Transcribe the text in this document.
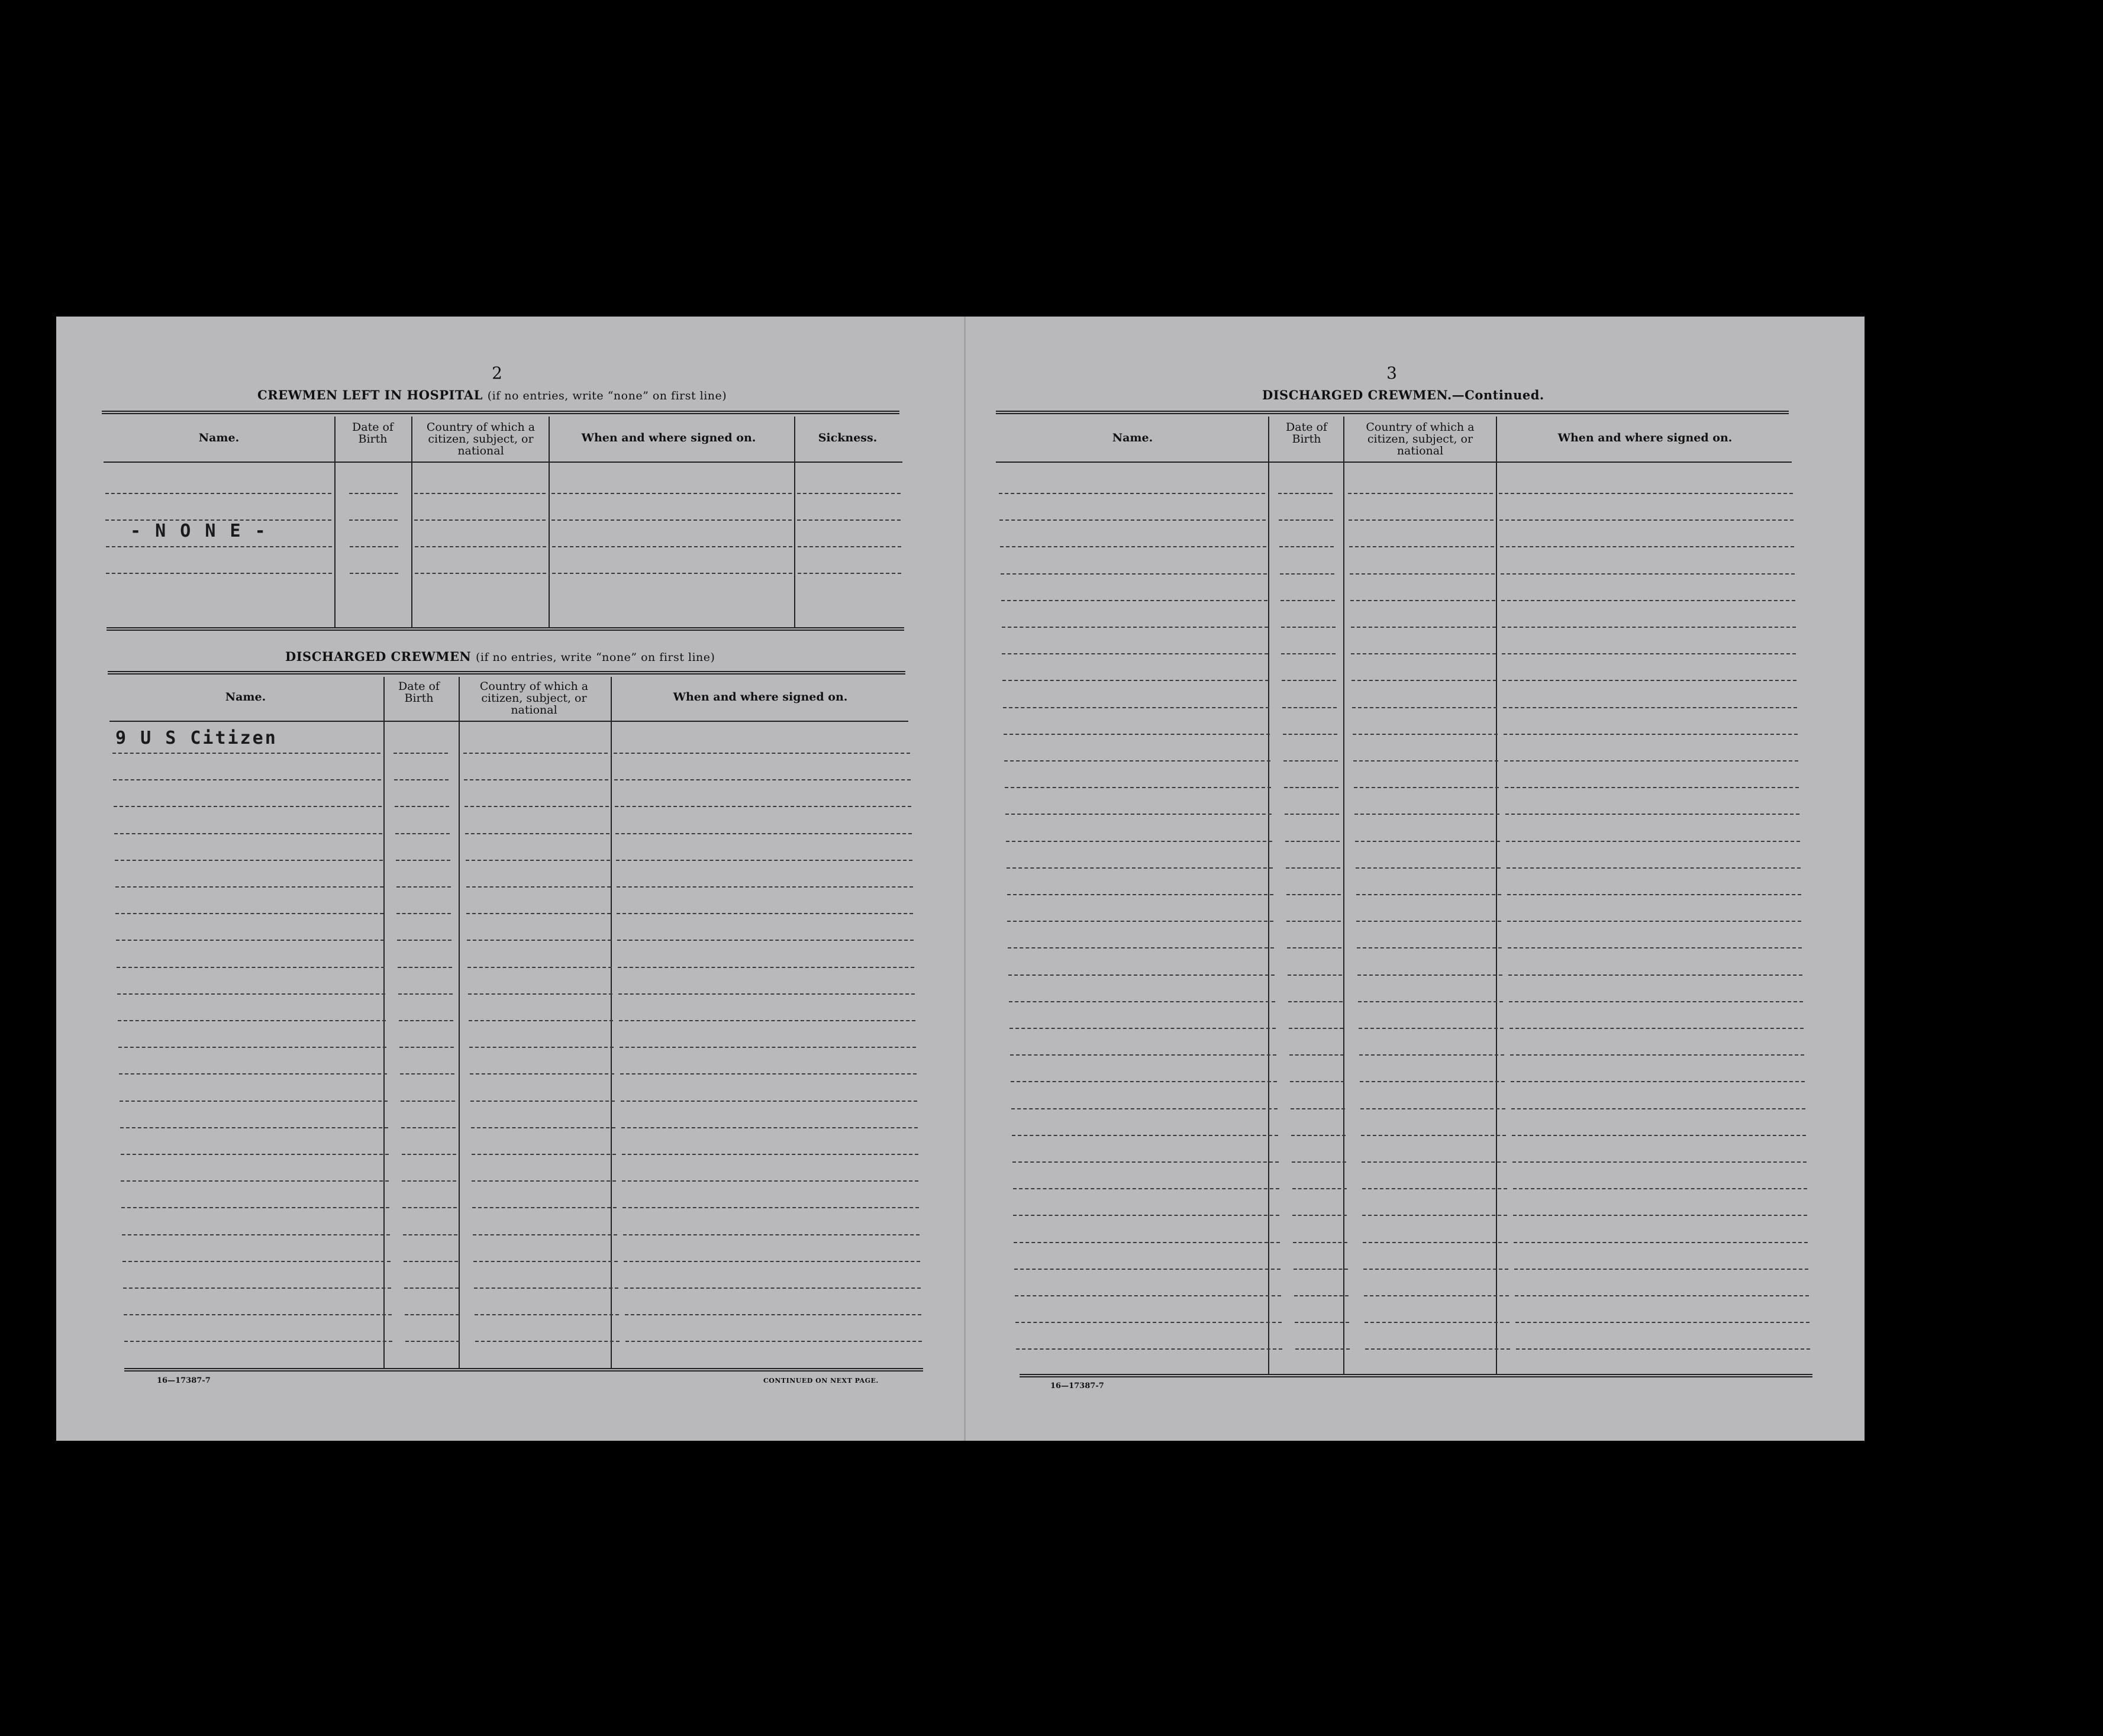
2
CREWMEN LEFT IN HOSPITAL (if no entries, write “none” on first line)
Name.
Date of Birth
Country of which a citizen, subject, or national
When and where signed on.	Sickness.
- N O N E -
DISCHARGED CREWMEN (if no entries, write “none” on first line)
Name.
Date of Birth
Country of which a citizen, subject, or national
When and where signed on.
9 U S Citizen
16—17387-7	CONTINUED ON NEXT PAGE.
3
DISCHARGED CREWMEN.—Continued.
Name.
Date of Birth
Country of which a citizen, subject, or national
When and where signed on.
16—17387-7
